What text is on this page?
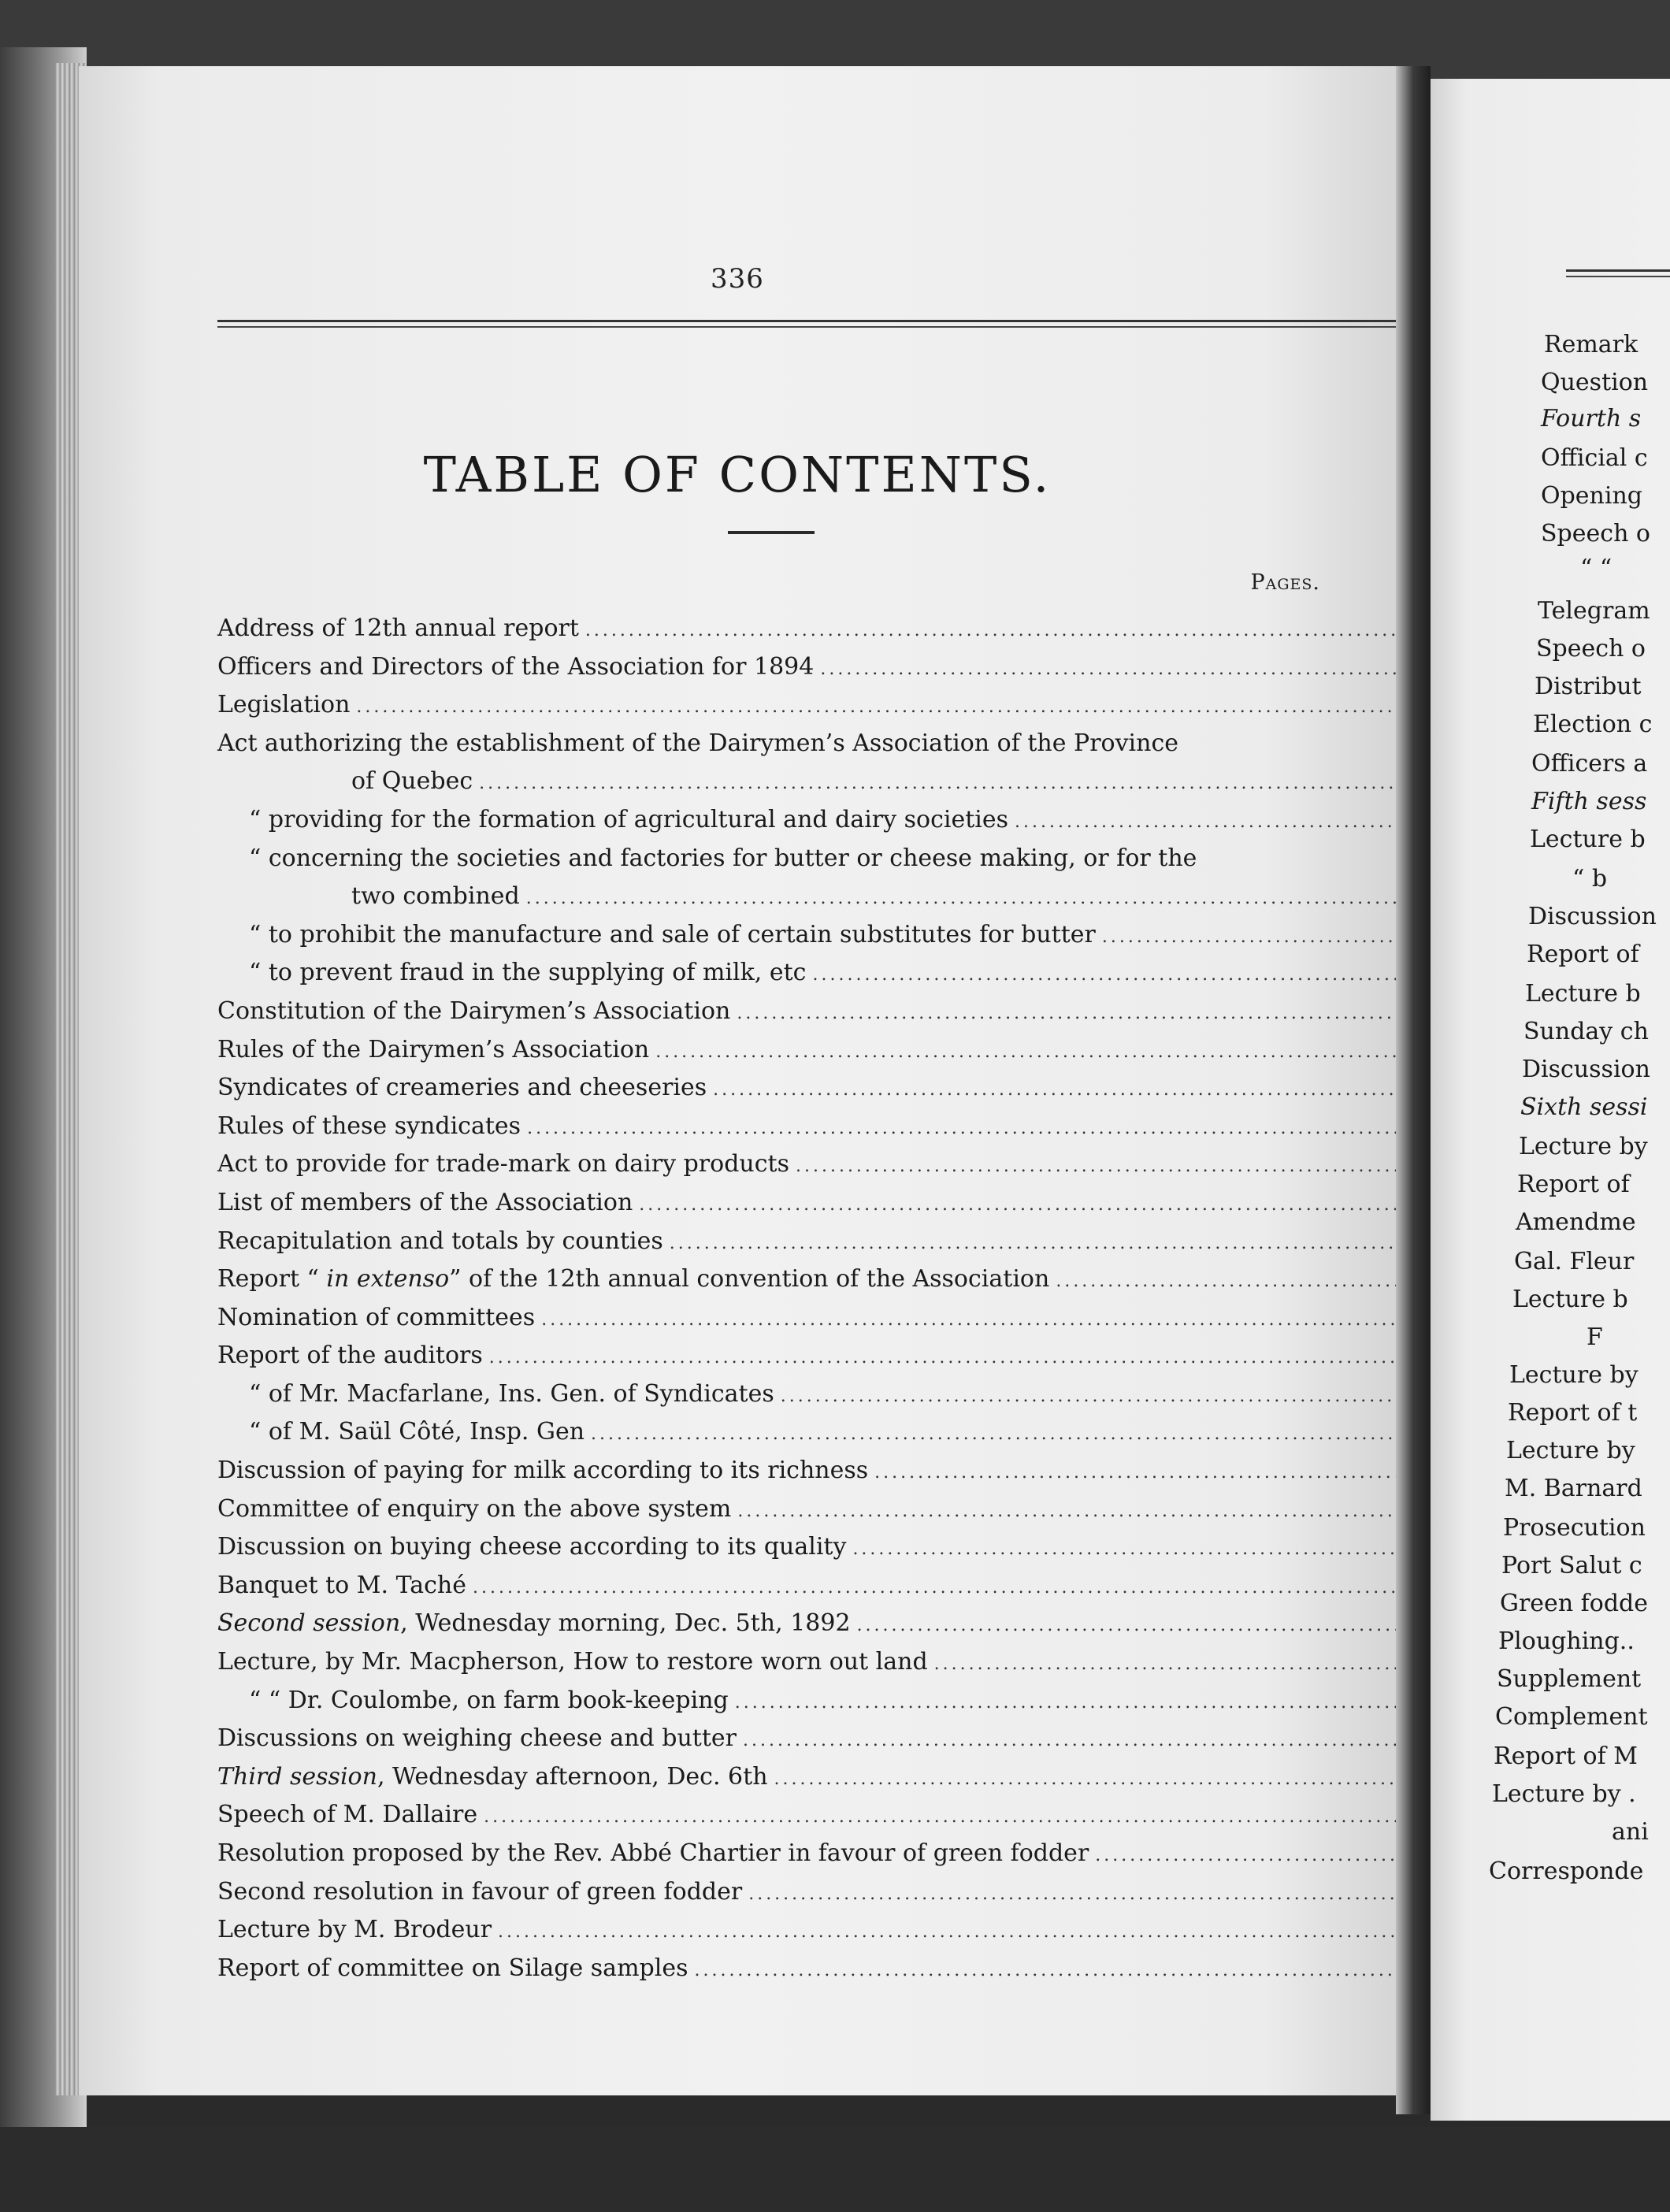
336
TABLE OF CONTENTS.
Pages.
Address of 12th annual report
.....
Officers and Directors of the Association for 1894
.....
Legislation
.....
Act authorizing the establishment of the Dairymen’s Association of the Province
of Quebec
.....
“ providing for the formation of agricultural and dairy societies
.....
“ concerning the societies and factories for butter or cheese making, or for the
two combined
.....
“ to prohibit the manufacture and sale of certain substitutes for butter
.....
“ to prevent fraud in the supplying of milk, etc
.....
Constitution of the Dairymen’s Association
.....
Rules of the Dairymen’s Association
.....
Syndicates of creameries and cheeseries
.....
Rules of these syndicates
.....
Act to provide for trade-mark on dairy products
.....
List of members of the Association
.....
Recapitulation and totals by counties
.....
Report “ in extenso” of the 12th annual convention of the Association
.....
Nomination of committees
.....
Report of the auditors
.....
“ of Mr. Macfarlane, Ins. Gen. of Syndicates
.....
“ of M. Saül Côté, Insp. Gen
.....
Discussion of paying for milk according to its richness
.....
Committee of enquiry on the above system
.....
Discussion on buying cheese according to its quality
.....
Banquet to M. Taché
.....
Second session, Wednesday morning, Dec. 5th, 1892
.....
Lecture, by Mr. Macpherson, How to restore worn out land
.....
“ “ Dr. Coulombe, on farm book-keeping
.....
Discussions on weighing cheese and butter
.....
Third session, Wednesday afternoon, Dec. 6th
.....
Speech of M. Dallaire
.....
Resolution proposed by the Rev. Abbé Chartier in favour of green fodder
.....
Second resolution in favour of green fodder
.....
Lecture by M. Brodeur
.....
Report of committee on Silage samples
.....
Remark
Question
Fourth s
Official c
Opening
Speech o
“ “
Telegram
Speech o
Distribut
Election c
Officers a
Fifth sess
Lecture b
“ b
Discussion
Report of
Lecture b
Sunday ch
Discussion
Sixth sessi
Lecture by
Report of
Amendme
Gal. Fleur
Lecture b
F
Lecture by
Report of t
Lecture by
M. Barnard
Prosecution
Port Salut c
Green fodde
Ploughing..
Supplement
Complement
Report of M
Lecture by .
ani
Corresponde
